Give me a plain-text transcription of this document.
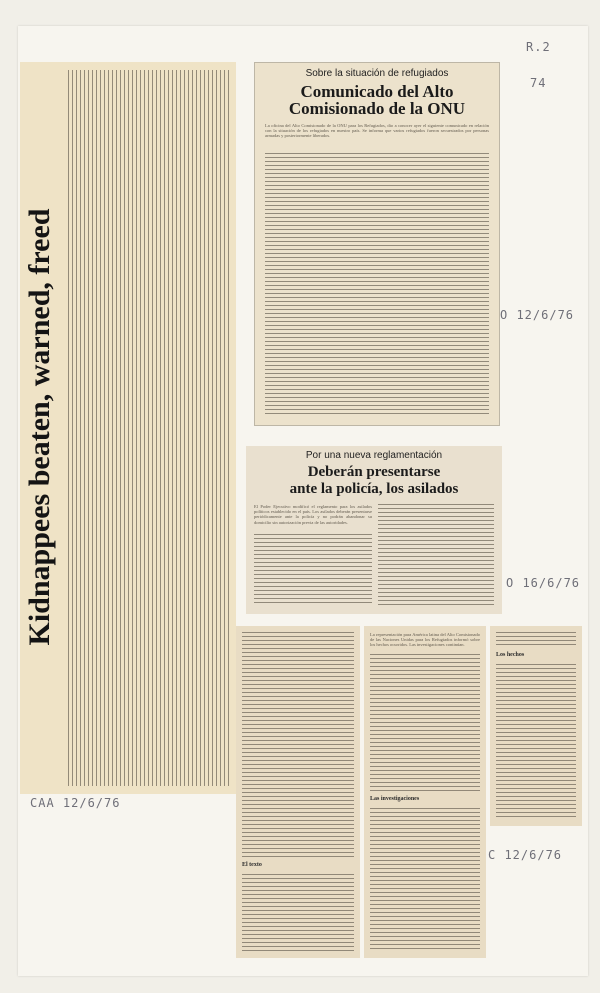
R.2
74
O 12/6/76
O 16/6/76
CAA 12/6/76
C 12/6/76
Kidnappees beaten, warned, freed
Sobre la situación de refugiados
Comunicado del Alto
Comisionado de la ONU
La oficina del Alto Comisionado de la ONU para los Refugiados, dio a conocer ayer el siguiente comunicado en relación con la situación de los refugiados en nuestro país. Se informa que varios refugiados fueron secuestrados por personas armadas y posteriormente liberados.
Por una nueva reglamentación
Deberán presentarse
ante la policía, los asilados
El Poder Ejecutivo modificó el reglamento para los asilados políticos establecido en el país. Los asilados deberán presentarse periódicamente ante la policía y no podrán abandonar su domicilio sin autorización previa de las autoridades.
El texto
La representación para América latina del Alto Comisionado de las Naciones Unidas para los Refugiados informó sobre los hechos ocurridos. Las investigaciones continúan.
Las investigaciones
Los hechos
